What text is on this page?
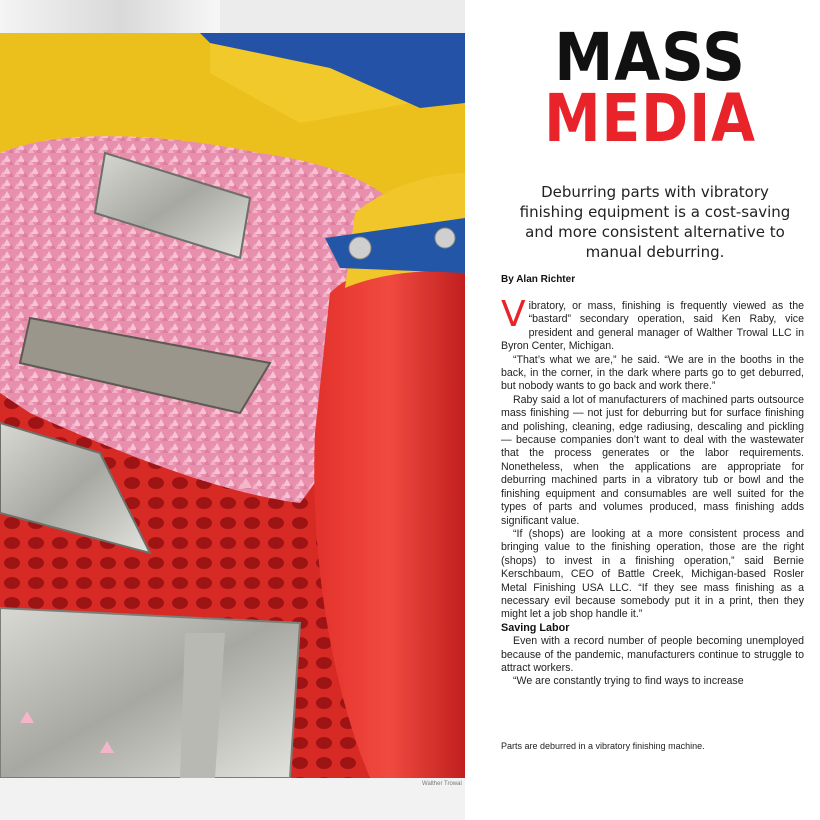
Walther Trowal
MASS
MEDIA
Deburring parts with vibratory finishing equipment is a cost-saving and more consistent alternative to manual deburring.
By Alan Richter

Vibratory, or mass, finishing is frequently viewed as the “bastard” secondary operation, said Ken Raby, vice president and general manager of Walther Trowal LLC in Byron Center, Michigan.

“That’s what we are,” he said. “We are in the booths in the back, in the corner, in the dark where parts go to get deburred, but nobody wants to go back and work there.”

Raby said a lot of manufacturers of machined parts outsource mass finishing — not just for deburring but for surface finishing and polishing, cleaning, edge radiusing, descaling and pickling — because companies don’t want to deal with the wastewater that the process generates or the labor requirements. Nonetheless, when the applications are appropriate for deburring machined parts in a vibratory tub or bowl and the finishing equipment and consumables are well suited for the types of parts and volumes produced, mass finishing adds significant value.

“If (shops) are looking at a more consistent process and bringing value to the finishing operation, those are the right (shops) to invest in a finishing operation,” said Bernie Kerschbaum, CEO of Battle Creek, Michigan-based Rosler Metal Finishing USA LLC. “If they see mass finishing as a necessary evil because somebody put it in a print, then they might let a job shop handle it.”

Saving Labor

Even with a record number of people becoming unemployed because of the pandemic, manufacturers continue to struggle to attract workers.

“We are constantly trying to find ways to increase

Parts are deburred in a vibratory finishing machine.
